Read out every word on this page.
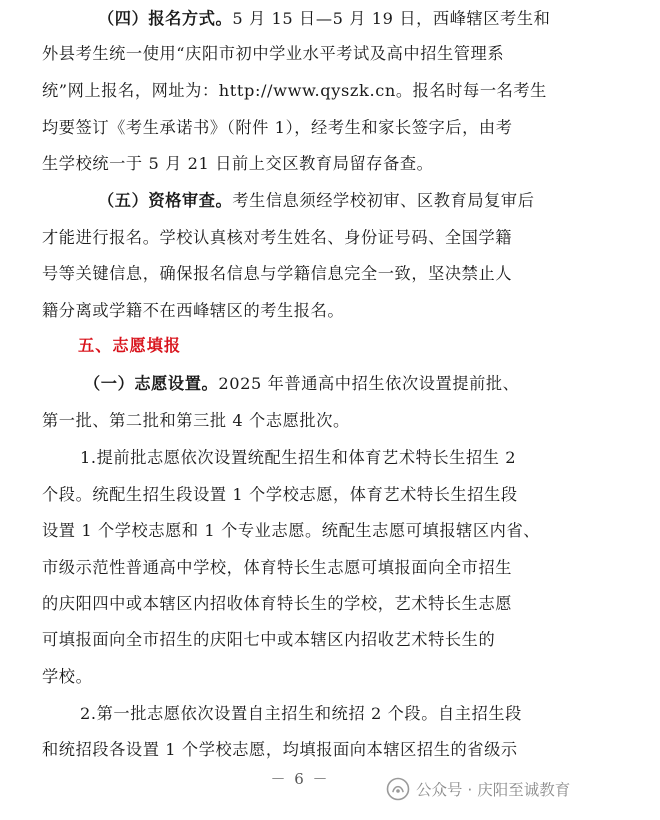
（四）报名方式。5 月 15 日—5 月 19 日，西峰辖区考生和
外县考生统一使用“庆阳市初中学业水平考试及高中招生管理系
统”网上报名，网址为：http://www.qyszk.cn。报名时每一名考生
均要签订《考生承诺书》（附件 1），经考生和家长签字后，由考
生学校统一于 5 月 21 日前上交区教育局留存备查。
（五）资格审查。考生信息须经学校初审、区教育局复审后
才能进行报名。学校认真核对考生姓名、身份证号码、全国学籍
号等关键信息，确保报名信息与学籍信息完全一致，坚决禁止人
籍分离或学籍不在西峰辖区的考生报名。
五、志愿填报
（一）志愿设置。2025 年普通高中招生依次设置提前批、
第一批、第二批和第三批 4 个志愿批次。
1.提前批志愿依次设置统配生招生和体育艺术特长生招生 2
个段。统配生招生段设置 1 个学校志愿，体育艺术特长生招生段
设置 1 个学校志愿和 1 个专业志愿。统配生志愿可填报辖区内省、
市级示范性普通高中学校，体育特长生志愿可填报面向全市招生
的庆阳四中或本辖区内招收体育特长生的学校，艺术特长生志愿
可填报面向全市招生的庆阳七中或本辖区内招收艺术特长生的
学校。
2.第一批志愿依次设置自主招生和统招 2 个段。自主招生段
和统招段各设置 1 个学校志愿，均填报面向本辖区招生的省级示
－ 6 －
公众号 · 庆阳至诚教育
